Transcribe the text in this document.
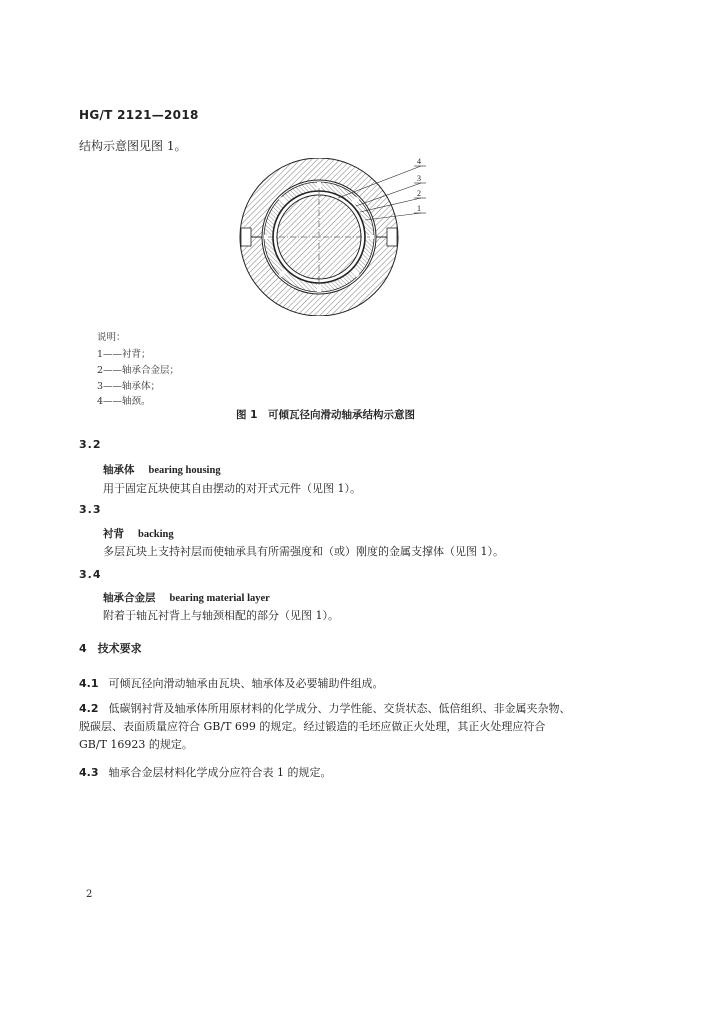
HG/T 2121—2018
结构示意图见图 1。
4
3
2
1
说明：
1——衬背；
2——轴承合金层；
3——轴承体；
4——轴颈。
图 1　可倾瓦径向滑动轴承结构示意图
3.2
轴承体 bearing housing
用于固定瓦块使其自由摆动的对开式元件（见图 1）。
3.3
衬背 backing
多层瓦块上支持衬层而使轴承具有所需强度和（或）刚度的金属支撑体（见图 1）。
3.4
轴承合金层 bearing material layer
附着于轴瓦衬背上与轴颈相配的部分（见图 1）。
4　技术要求
4.1 可倾瓦径向滑动轴承由瓦块、轴承体及必要辅助件组成。
4.2 低碳钢衬背及轴承体所用原材料的化学成分、力学性能、交货状态、低倍组织、非金属夹杂物、
脱碳层、表面质量应符合 GB/T 699 的规定。经过锻造的毛坯应做正火处理，其正火处理应符合
GB/T 16923 的规定。
4.3 轴承合金层材料化学成分应符合表 1 的规定。
2
